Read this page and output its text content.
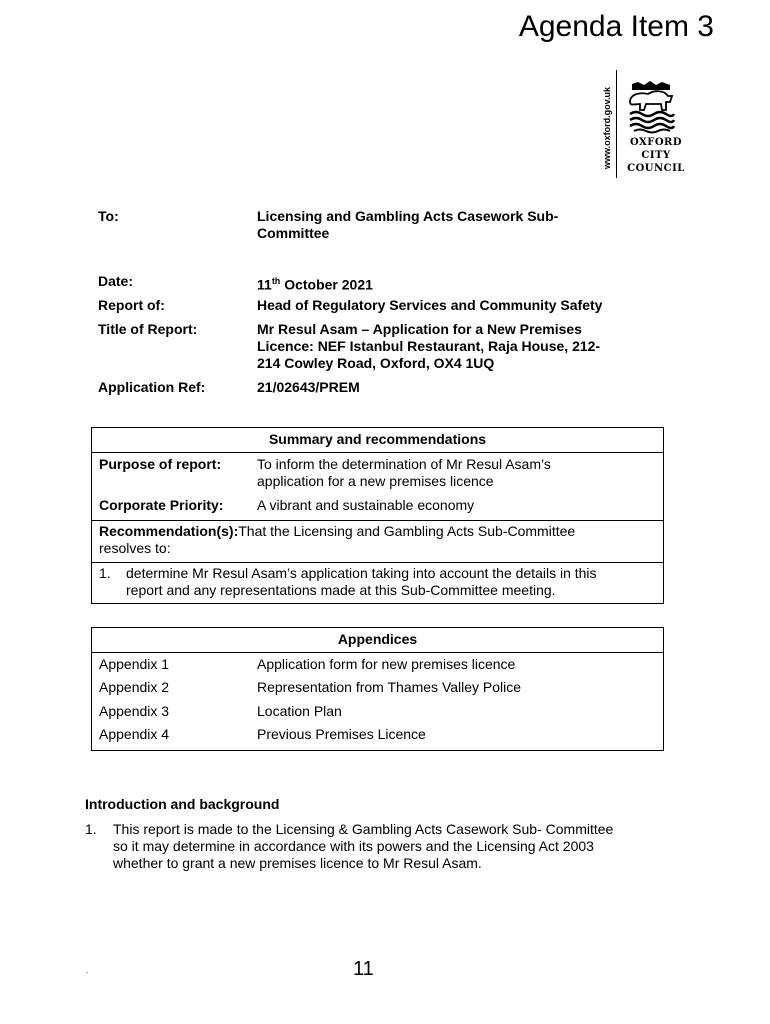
Agenda Item 3
www.oxford.gov.uk	OXFORD
CITY
COUNCIL
To:	Licensing and Gambling Acts Casework Sub-
Committee
Date:	11th October 2021
Report of:	Head of Regulatory Services and Community Safety
Title of Report:	Mr Resul Asam – Application for a New Premises
Licence: NEF Istanbul Restaurant, Raja House, 212-
214 Cowley Road, Oxford, OX4 1UQ
Application Ref:	21/02643/PREM
Summary and recommendations
Purpose of report:	To inform the determination of Mr Resul Asam’s
application for a new premises licence
Corporate Priority: A vibrant and sustainable economy
Recommendation(s):That the Licensing and Gambling Acts Sub-Committee
resolves to:
1. determine Mr Resul Asam’s application taking into account the details in this
report and any representations made at this Sub-Committee meeting.
Appendices
Appendix 1	Application form for new premises licence
Appendix 2	Representation from Thames Valley Police
Appendix 3	Location Plan
Appendix 4	Previous Premises Licence
Introduction and background
1. This report is made to the Licensing & Gambling Acts Casework Sub- Committee
so it may determine in accordance with its powers and the Licensing Act 2003
whether to grant a new premises licence to Mr Resul Asam.
.	11
